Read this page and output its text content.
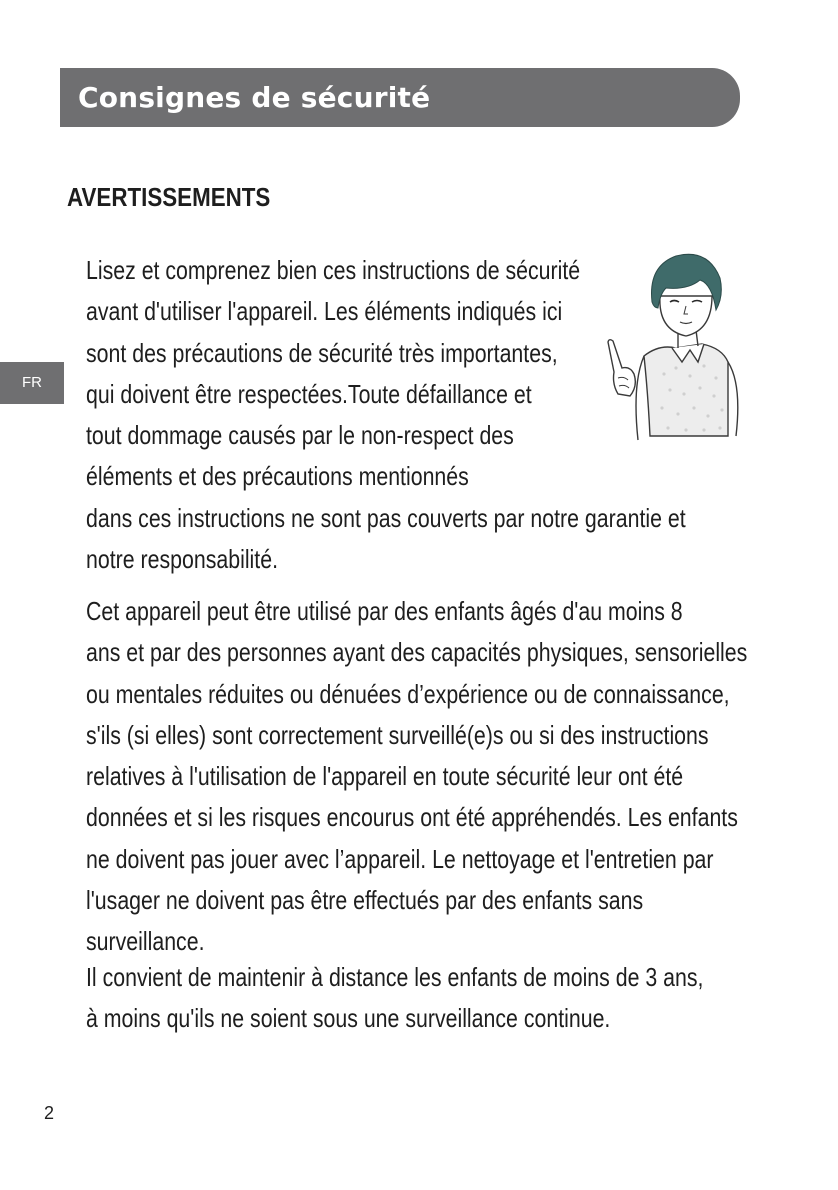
Consignes de sécurité
FR
AVERTISSEMENTS
Lisez et comprenez bien ces instructions de sécurité
avant d'utiliser l'appareil. Les éléments indiqués ici
sont des précautions de sécurité très importantes,
qui doivent être respectées.Toute défaillance et
tout dommage causés par le non-respect des
éléments et des précautions mentionnés
dans ces instructions ne sont pas couverts par notre garantie et
notre responsabilité.
Cet appareil peut être utilisé par des enfants âgés d'au moins 8
ans et par des personnes ayant des capacités physiques, sensorielles
ou mentales réduites ou dénuées d’expérience ou de connaissance,
s'ils (si elles) sont correctement surveillé(e)s ou si des instructions
relatives à l'utilisation de l'appareil en toute sécurité leur ont été
données et si les risques encourus ont été appréhendés. Les enfants
ne doivent pas jouer avec l’appareil. Le nettoyage et l'entretien par
l'usager ne doivent pas être effectués par des enfants sans
surveillance.
Il convient de maintenir à distance les enfants de moins de 3 ans,
à moins qu'ils ne soient sous une surveillance continue.
2
